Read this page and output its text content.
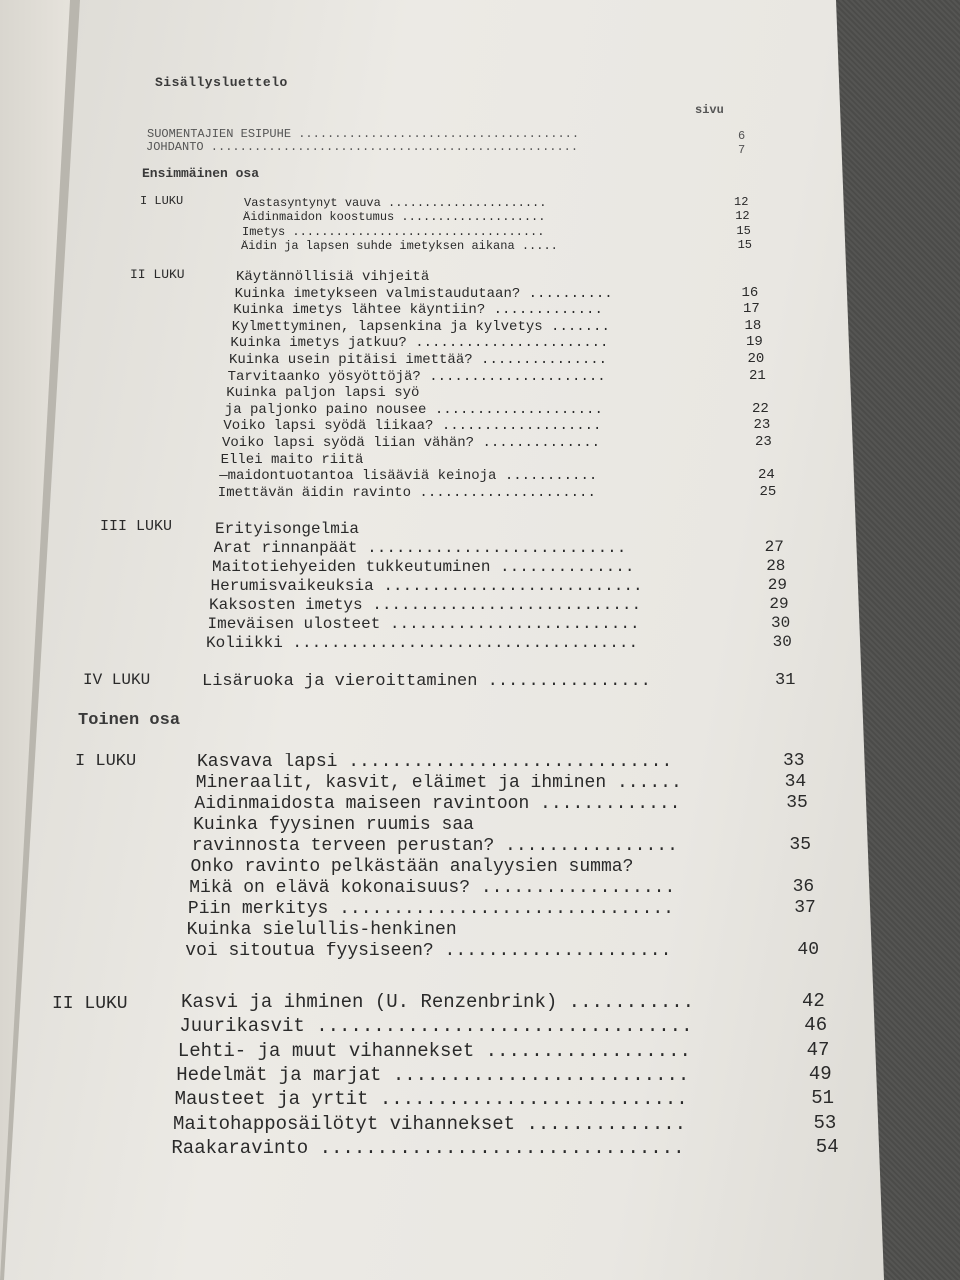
Sisällysluettelo
sivu
SUOMENTAJIEN ESIPUHE .......................................	6
JOHDANTO ...................................................	7
Ensimmäinen osa
Toinen osa
I LUKU	Vastasyntynyt vauva ......................	12
Äidinmaidon koostumus ....................	12
Imetys ...................................	15
Äidin ja lapsen suhde imetyksen aikana .....	15
II LUKU	Käytännöllisiä vihjeitä
Kuinka imetykseen valmistaudutaan? ..........	16
Kuinka imetys lähtee käyntiin? .............	17
Kylmettyminen, lapsenkina ja kylvetys .......	18
Kuinka imetys jatkuu? .......................	19
Kuinka usein pitäisi imettää? ...............	20
Tarvitaanko yösyöttöjä? .....................	21
Kuinka paljon lapsi syö
ja paljonko paino nousee ....................	22
Voiko lapsi syödä liikaa? ...................	23
Voiko lapsi syödä liian vähän? ..............	23
Ellei maito riitä
—maidontuotantoa lisääviä keinoja ...........	24
Imettävän äidin ravinto .....................	25
III LUKU	Erityisongelmia
Arat rinnanpäät ...........................	27
Maitotiehyeiden tukkeutuminen ..............	28
Herumisvaikeuksia ...........................	29
Kaksosten imetys ............................	29
Imeväisen ulosteet ..........................	30
Koliikki ....................................	30
IV LUKU	Lisäruoka ja vieroittaminen ................	31
I LUKU	Kasvava lapsi ..............................	33
Mineraalit, kasvit, eläimet ja ihminen ......	34
Äidinmaidosta maiseen ravintoon .............	35
Kuinka fyysinen ruumis saa
ravinnosta terveen perustan? ................	35
Onko ravinto pelkästään analyysien summa?
Mikä on elävä kokonaisuus? ..................	36
Piin merkitys ...............................	37
Kuinka sielullis-henkinen
voi sitoutua fyysiseen? .....................	40
II LUKU	Kasvi ja ihminen (U. Renzenbrink) ...........	42
Juurikasvit .................................	46
Lehti- ja muut vihannekset ..................	47
Hedelmät ja marjat ..........................	49
Mausteet ja yrtit ...........................	51
Maitohapposäilötyt vihannekset ..............	53
Raakaravinto ................................	54
